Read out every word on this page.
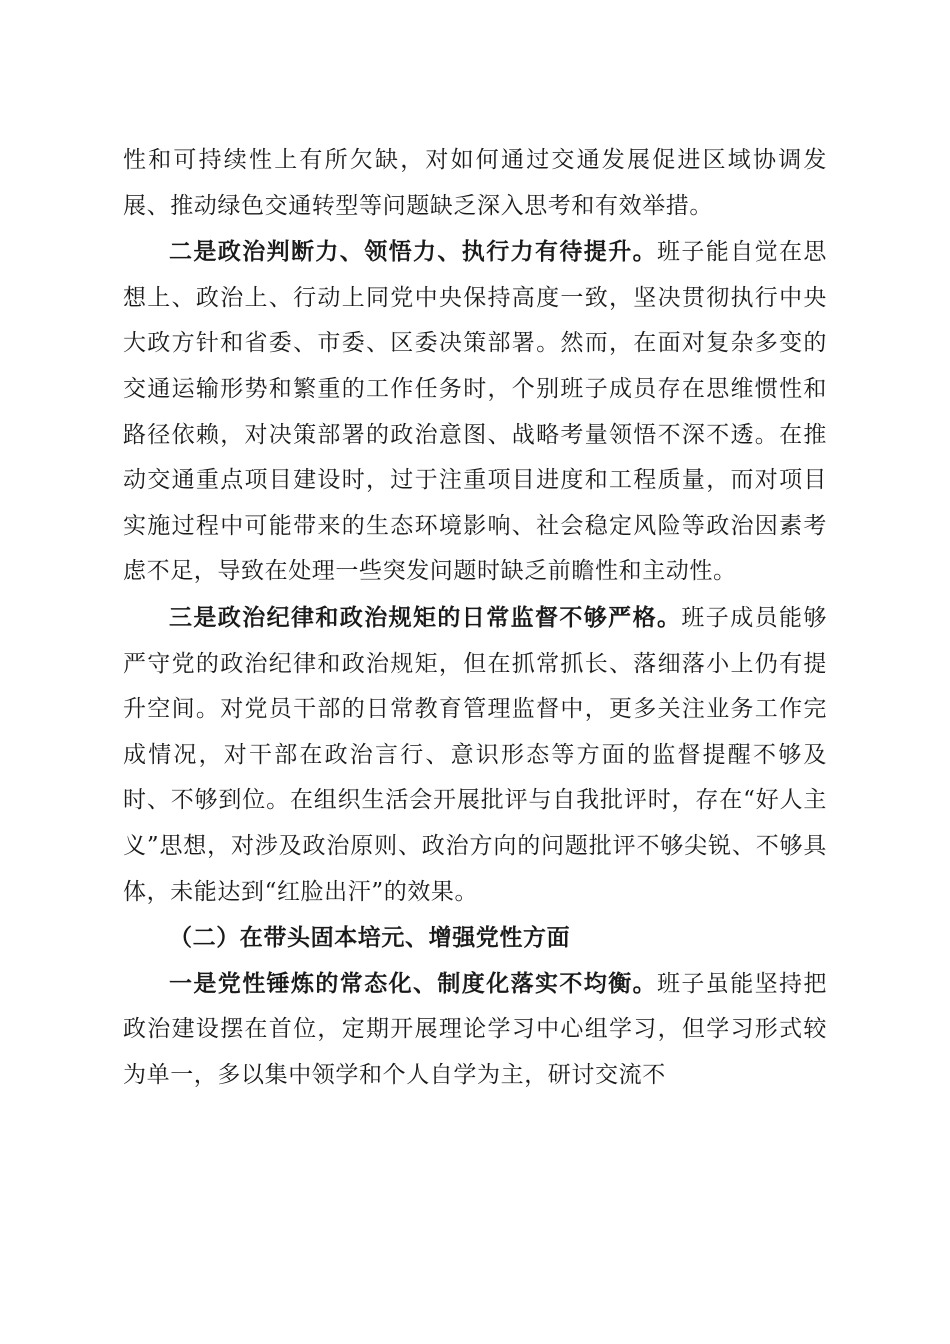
性和可持续性上有所欠缺，对如何通过交通发展促进区域协调发展、推动绿色交通转型等问题缺乏深入思考和有效举措。

二是政治判断力、领悟力、执行力有待提升。班子能自觉在思想上、政治上、行动上同党中央保持高度一致，坚决贯彻执行中央大政方针和省委、市委、区委决策部署。然而，在面对复杂多变的交通运输形势和繁重的工作任务时，个别班子成员存在思维惯性和路径依赖，对决策部署的政治意图、战略考量领悟不深不透。在推动交通重点项目建设时，过于注重项目进度和工程质量，而对项目实施过程中可能带来的生态环境影响、社会稳定风险等政治因素考虑不足，导致在处理一些突发问题时缺乏前瞻性和主动性。

三是政治纪律和政治规矩的日常监督不够严格。班子成员能够严守党的政治纪律和政治规矩，但在抓常抓长、落细落小上仍有提升空间。对党员干部的日常教育管理监督中，更多关注业务工作完成情况，对干部在政治言行、意识形态等方面的监督提醒不够及时、不够到位。在组织生活会开展批评与自我批评时，存在“好人主义”思想，对涉及政治原则、政治方向的问题批评不够尖锐、不够具体，未能达到“红脸出汗”的效果。

（二）在带头固本培元、增强党性方面

一是党性锤炼的常态化、制度化落实不均衡。班子虽能坚持把政治建设摆在首位，定期开展理论学习中心组学习，但学习形式较为单一，多以集中领学和个人自学为主，研讨交流不
